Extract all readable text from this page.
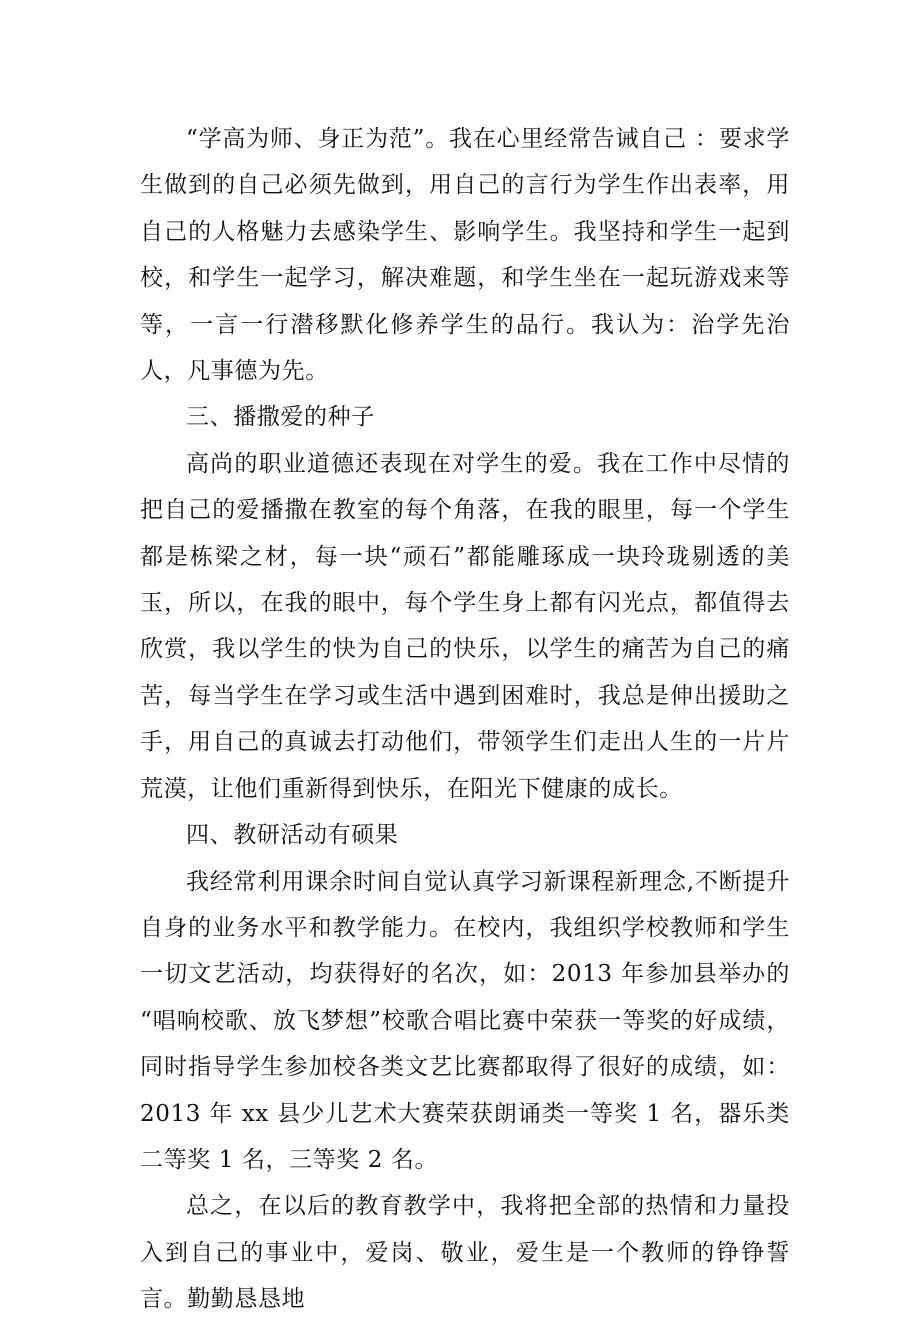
“学高为师、身正为范”。我在心里经常告诫自己 ：要求学生做到的自己必须先做到，用自己的言行为学生作出表率，用自己的人格魅力去感染学生、影响学生。我坚持和学生一起到校，和学生一起学习，解决难题，和学生坐在一起玩游戏来等等，一言一行潜移默化修养学生的品行。我认为：治学先治人，凡事德为先。

三、播撒爱的种子

高尚的职业道德还表现在对学生的爱。我在工作中尽情的把自己的爱播撒在教室的每个角落，在我的眼里，每一个学生都是栋梁之材，每一块“顽石”都能雕琢成一块玲珑剔透的美玉，所以，在我的眼中，每个学生身上都有闪光点，都值得去欣赏，我以学生的快为自己的快乐，以学生的痛苦为自己的痛苦，每当学生在学习或生活中遇到困难时，我总是伸出援助之手，用自己的真诚去打动他们，带领学生们走出人生的一片片荒漠，让他们重新得到快乐，在阳光下健康的成长。

四、教研活动有硕果

我经常利用课余时间自觉认真学习新课程新理念,不断提升自身的业务水平和教学能力。在校内，我组织学校教师和学生一切文艺活动，均获得好的名次，如：2013 年参加县举办的 “唱响校歌、放飞梦想”校歌合唱比赛中荣获一等奖的好成绩，同时指导学生参加校各类文艺比赛都取得了很好的成绩，如：2013 年 xx 县少儿艺术大赛荣获朗诵类一等奖 1 名，器乐类二等奖 1 名，三等奖 2 名。

总之，在以后的教育教学中，我将把全部的热情和力量投入到自己的事业中，爱岗、敬业，爱生是一个教师的铮铮誓言。勤勤恳恳地
